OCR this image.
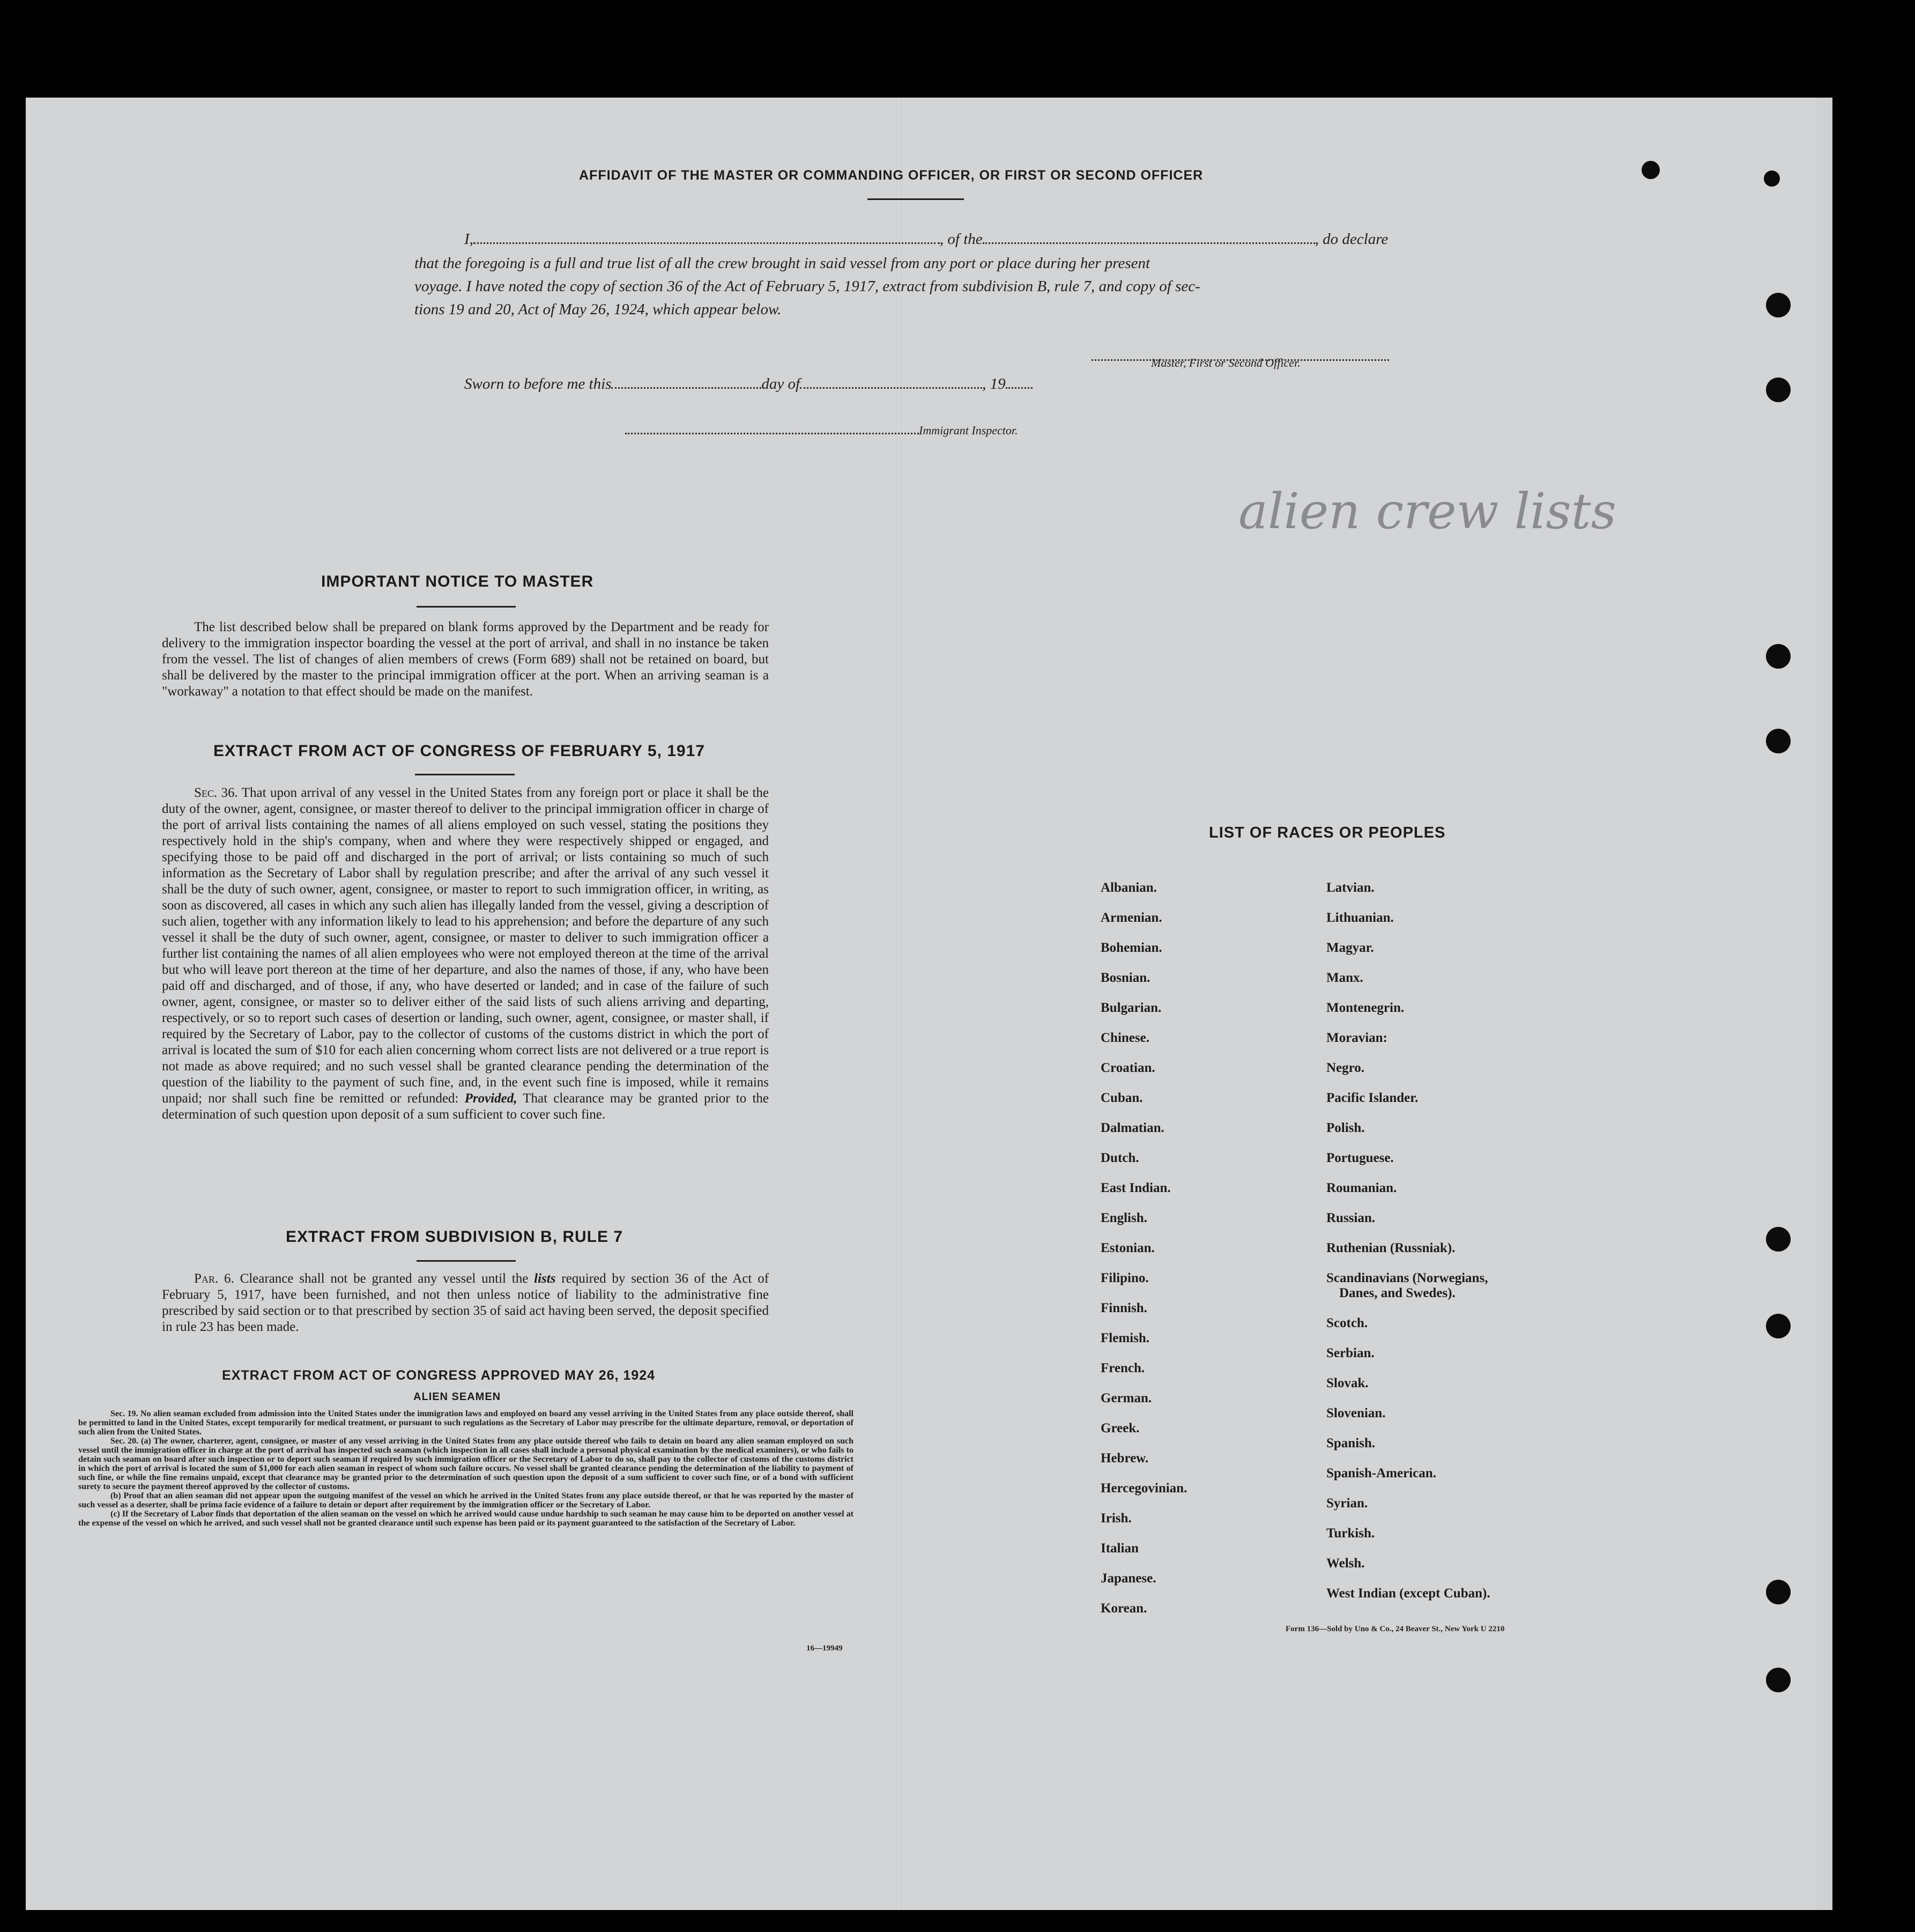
AFFIDAVIT OF THE MASTER OR COMMANDING OFFICER, OR FIRST OR SECOND OFFICER
I,	, of the	, do declare
that the foregoing is a full and true list of all the crew brought in said vessel from any port or place during her present
voyage. I have noted the copy of section 36 of the Act of February 5, 1917, extract from subdivision B, rule 7, and copy of sec-
tions 19 and 20, Act of May 26, 1924, which appear below.
Master, First or Second Officer.
Sworn to before me this	day of	, 19
Immigrant Inspector.
alien crew lists
IMPORTANT NOTICE TO MASTER
The list described below shall be prepared on blank forms approved by the Department and be ready for delivery to the immigration inspector boarding the vessel at the port of arrival, and shall in no instance be taken from the vessel. The list of changes of alien members of crews (Form 689) shall not be retained on board, but shall be delivered by the master to the principal immigration officer at the port. When an arriving seaman is a "workaway" a notation to that effect should be made on the manifest.
EXTRACT FROM ACT OF CONGRESS OF FEBRUARY 5, 1917
Sec. 36. That upon arrival of any vessel in the United States from any foreign port or place it shall be the duty of the owner, agent, consignee, or master thereof to deliver to the principal immigration officer in charge of the port of arrival lists containing the names of all aliens employed on such vessel, stating the positions they respectively hold in the ship's company, when and where they were respectively shipped or engaged, and specifying those to be paid off and discharged in the port of arrival; or lists containing so much of such information as the Secretary of Labor shall by regulation prescribe; and after the arrival of any such vessel it shall be the duty of such owner, agent, consignee, or master to report to such immigration officer, in writing, as soon as discovered, all cases in which any such alien has illegally landed from the vessel, giving a description of such alien, together with any information likely to lead to his apprehension; and before the departure of any such vessel it shall be the duty of such owner, agent, consignee, or master to deliver to such immigration officer a further list containing the names of all alien employees who were not employed thereon at the time of the arrival but who will leave port thereon at the time of her departure, and also the names of those, if any, who have been paid off and discharged, and of those, if any, who have deserted or landed; and in case of the failure of such owner, agent, consignee, or master so to deliver either of the said lists of such aliens arriving and departing, respectively, or so to report such cases of desertion or landing, such owner, agent, consignee, or master shall, if required by the Secretary of Labor, pay to the collector of customs of the customs district in which the port of arrival is located the sum of $10 for each alien concerning whom correct lists are not delivered or a true report is not made as above required; and no such vessel shall be granted clearance pending the determination of the question of the liability to the payment of such fine, and, in the event such fine is imposed, while it remains unpaid; nor shall such fine be remitted or refunded: Provided, That clearance may be granted prior to the determination of such question upon deposit of a sum sufficient to cover such fine.
EXTRACT FROM SUBDIVISION B, RULE 7
Par. 6. Clearance shall not be granted any vessel until the lists required by section 36 of the Act of February 5, 1917, have been furnished, and not then unless notice of liability to the administrative fine prescribed by said section or to that prescribed by section 35 of said act having been served, the deposit specified in rule 23 has been made.
EXTRACT FROM ACT OF CONGRESS APPROVED MAY 26, 1924
ALIEN SEAMEN
Sec. 19. No alien seaman excluded from admission into the United States under the immigration laws and employed on board any vessel arriving in the United States from any place outside thereof, shall be permitted to land in the United States, except temporarily for medical treatment, or pursuant to such regulations as the Secretary of Labor may prescribe for the ultimate departure, removal, or deportation of such alien from the United States.
Sec. 20. (a) The owner, charterer, agent, consignee, or master of any vessel arriving in the United States from any place outside thereof who fails to detain on board any alien seaman employed on such vessel until the immigration officer in charge at the port of arrival has inspected such seaman (which inspection in all cases shall include a personal physical examination by the medical examiners), or who fails to detain such seaman on board after such inspection or to deport such seaman if required by such immigration officer or the Secretary of Labor to do so, shall pay to the collector of customs of the customs district in which the port of arrival is located the sum of $1,000 for each alien seaman in respect of whom such failure occurs. No vessel shall be granted clearance pending the determination of the liability to payment of such fine, or while the fine remains unpaid, except that clearance may be granted prior to the determination of such question upon the deposit of a sum sufficient to cover such fine, or of a bond with sufficient surety to secure the payment thereof approved by the collector of customs.
(b) Proof that an alien seaman did not appear upon the outgoing manifest of the vessel on which he arrived in the United States from any place outside thereof, or that he was reported by the master of such vessel as a deserter, shall be prima facie evidence of a failure to detain or deport after requirement by the immigration officer or the Secretary of Labor.
(c) If the Secretary of Labor finds that deportation of the alien seaman on the vessel on which he arrived would cause undue hardship to such seaman he may cause him to be deported on another vessel at the expense of the vessel on which he arrived, and such vessel shall not be granted clearance until such expense has been paid or its payment guaranteed to the satisfaction of the Secretary of Labor.
16—19949
LIST OF RACES OR PEOPLES
Albanian.
Armenian.
Bohemian.
Bosnian.
Bulgarian.
Chinese.
Croatian.
Cuban.
Dalmatian.
Dutch.
East Indian.
English.
Estonian.
Filipino.
Finnish.
Flemish.
French.
German.
Greek.
Hebrew.
Hercegovinian.
Irish.
Italian
Japanese.
Korean.
Latvian.
Lithuanian.
Magyar.
Manx.
Montenegrin.
Moravian:
Negro.
Pacific Islander.
Polish.
Portuguese.
Roumanian.
Russian.
Ruthenian (Russniak).
Scandinavians (Norwegians,
Danes, and Swedes).
Scotch.
Serbian.
Slovak.
Slovenian.
Spanish.
Spanish-American.
Syrian.
Turkish.
Welsh.
West Indian (except Cuban).
Form 136—Sold by Uno & Co., 24 Beaver St., New York U 2210
